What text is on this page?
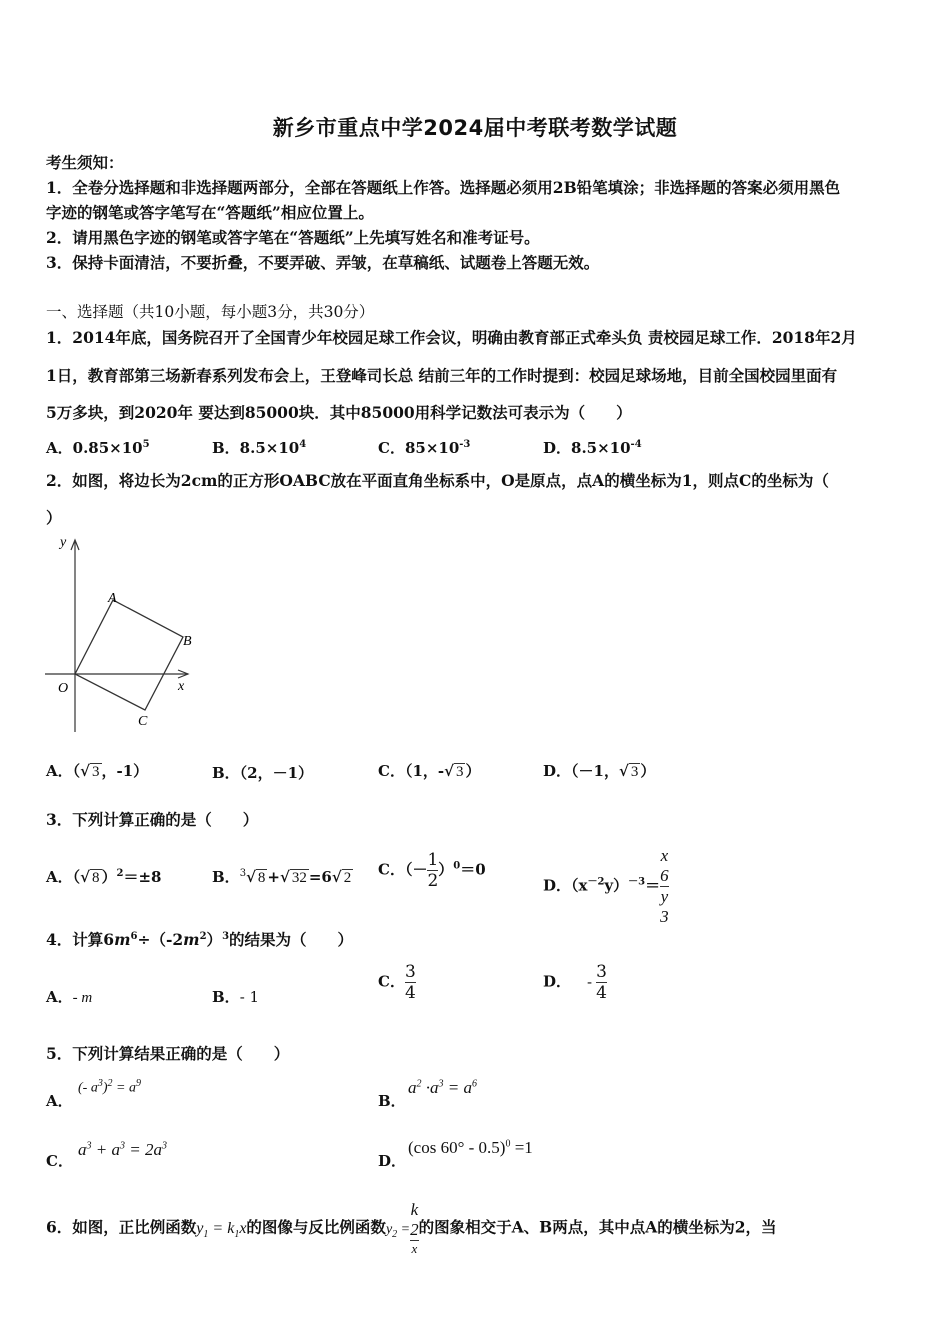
新乡市重点中学2024届中考联考数学试题
考生须知：
1．全卷分选择题和非选择题两部分，全部在答题纸上作答。选择题必须用2B铅笔填涂；非选择题的答案必须用黑色
字迹的钢笔或答字笔写在“答题纸”相应位置上。
2．请用黑色字迹的钢笔或答字笔在“答题纸”上先填写姓名和准考证号。
3．保持卡面清洁，不要折叠，不要弄破、弄皱，在草稿纸、试题卷上答题无效。
一、选择题（共10小题，每小题3分，共30分）
1．2014年底，国务院召开了全国青少年校园足球工作会议，明确由教育部正式牵头负 责校园足球工作．2018年2月
1日，教育部第三场新春系列发布会上，王登峰司长总 结前三年的工作时提到：校园足球场地，目前全国校园里面有
5万多块，到2020年 要达到85000块．其中85000用科学记数法可表示为（　　）
A．$0.85\times 10^5$	B．$8.5\times 10^4$	C．$85\times 10^{-3}$	D．$8.5\times 10^{-4}$
2．如图，将边长为2cm的正方形OABC放在平面直角坐标系中，O是原点，点A的横坐标为1，则点C的坐标为（
）
y
x
O
A
B
C
A．（√ 3 ，-1）	B．（2，－1）	C．（1，-√ 3 ）	D．（－1，√ 3 ）
3．下列计算正确的是（　　）
A．（√ 8 ）$^2$＝±8	B．$^3$√ 8 +√ 32 =6√ 2 C．（－ $\frac{1}{2} )^0=0$
D．$(x^{-2}y)^{-3}= x$
6
y
3
4．计算$6m^6\div(-2m^2)^3$的结果为（　　）
A．- m	B．- 1
C． $\frac{3}{4}$	D． - $\frac{3}{4}$
5．下列计算结果正确的是（　　）
A．
(- $a^3)^2 = a^9$
B．
$a^2 \cdot a^3 = a^6$
C．
$a^3 + a^3 = 2a^3$
D．
(cos 60° - 0.5)$^0$ =1
6．如图，正比例函数$y_1 = k_1x$的图像与反比例函数$y_2 = k$
2
x 的图象相交于A、B两点，其中点A的横坐标为2，当
